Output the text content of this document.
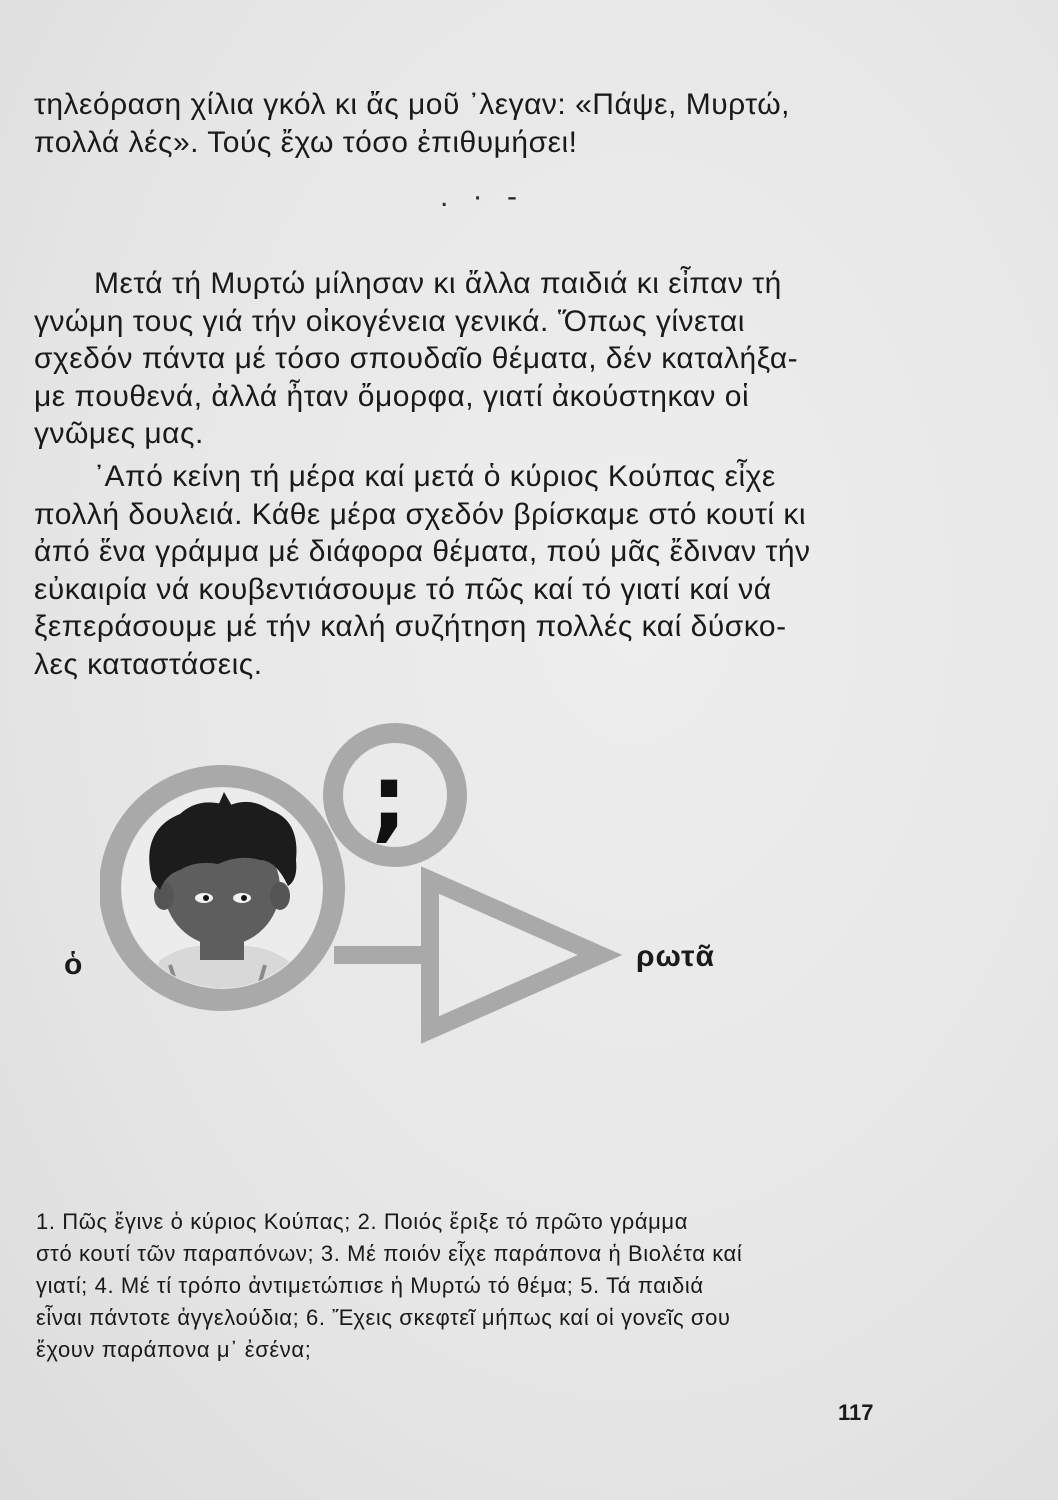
τηλεόραση χίλια γκόλ κι ἄς μοῦ ᾽λεγαν: «Πάψε, Μυρτώ,

πολλά λές». Τούς ἔχω τόσο ἐπιθυμήσει!

. · -

Μετά τή Μυρτώ μίλησαν κι ἄλλα παιδιά κι εἶπαν τή

γνώμη τους γιά τήν οἰκογένεια γενικά. Ὅπως γίνεται

σχεδόν πάντα μέ τόσο σπουδαῖο θέματα, δέν καταλήξα-

με πουθενά, ἀλλά ἦταν ὄμορφα, γιατί ἀκούστηκαν οἱ

γνῶμες μας.

᾽Από κείνη τή μέρα καί μετά ὁ κύριος Κούπας εἶχε

πολλή δουλειά. Κάθε μέρα σχεδόν βρίσκαμε στό κουτί κι

ἀπό ἕνα γράμμα μέ διάφορα θέματα, πού μᾶς ἔδιναν τήν

εὐκαιρία νά κουβεντιάσουμε τό πῶς καί τό γιατί καί νά

ξεπεράσουμε μέ τήν καλή συζήτηση πολλές καί δύσκο-

λες καταστάσεις.

;
ὁ	ρωτᾶ

1. Πῶς ἔγινε ὁ κύριος Κούπας; 2. Ποιός ἔριξε τό πρῶτο γράμμα

στό κουτί τῶν παραπόνων; 3. Μέ ποιόν εἶχε παράπονα ἡ Βιολέτα καί

γιατί; 4. Μέ τί τρόπο ἀντιμετώπισε ἡ Μυρτώ τό θέμα; 5. Τά παιδιά

εἶναι πάντοτε ἀγγελούδια; 6. Ἔχεις σκεφτεῖ μήπως καί οἱ γονεῖς σου

ἔχουν παράπονα μ᾽ ἐσένα;

117
